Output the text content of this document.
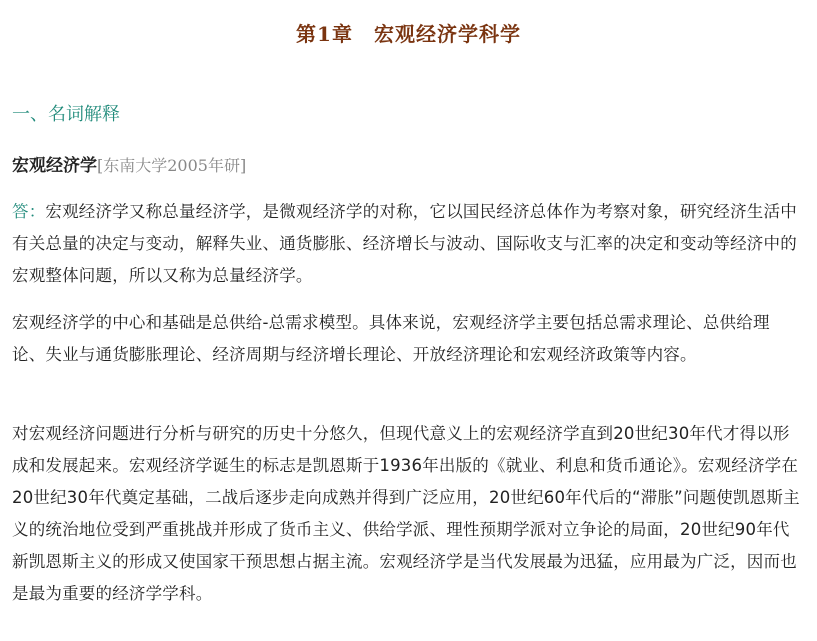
第1章　宏观经济学科学
一、名词解释
宏观经济学[东南大学2005年研]

答：宏观经济学又称总量经济学，是微观经济学的对称，它以国民经济总体作为考察对象，研究经济生活中有关总量的决定与变动，解释失业、通货膨胀、经济增长与波动、国际收支与汇率的决定和变动等经济中的宏观整体问题，所以又称为总量经济学。

宏观经济学的中心和基础是总供给-总需求模型。具体来说，宏观经济学主要包括总需求理论、总供给理论、失业与通货膨胀理论、经济周期与经济增长理论、开放经济理论和宏观经济政策等内容。

对宏观经济问题进行分析与研究的历史十分悠久，但现代意义上的宏观经济学直到20世纪30年代才得以形成和发展起来。宏观经济学诞生的标志是凯恩斯于1936年出版的《就业、利息和货币通论》。宏观经济学在20世纪30年代奠定基础，二战后逐步走向成熟并得到广泛应用，20世纪60年代后的“滞胀”问题使凯恩斯主义的统治地位受到严重挑战并形成了货币主义、供给学派、理性预期学派对立争论的局面，20世纪90年代新凯恩斯主义的形成又使国家干预思想占据主流。宏观经济学是当代发展最为迅猛，应用最为广泛，因而也是最为重要的经济学学科。
